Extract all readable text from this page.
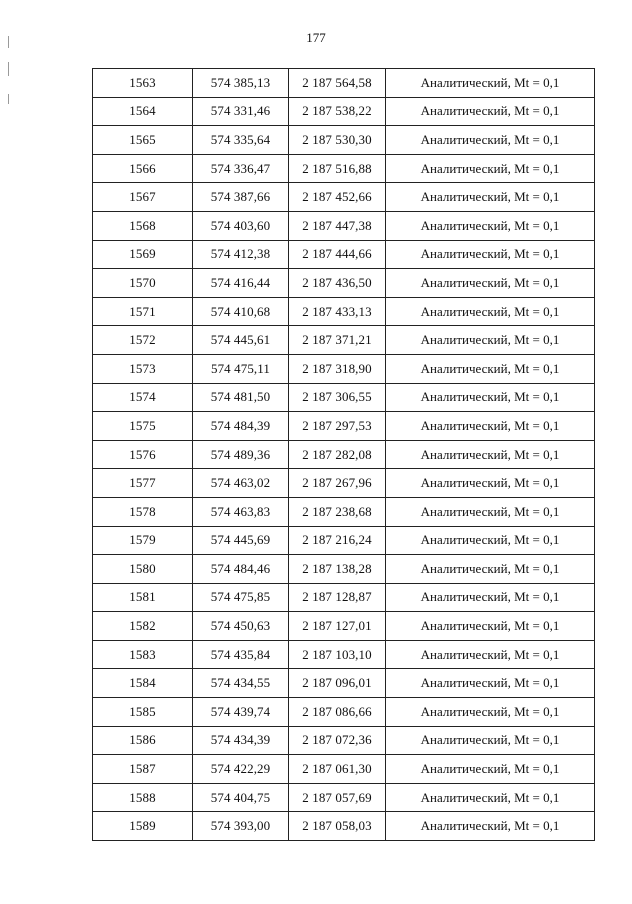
177
1563	574 385,13	2 187 564,58	Аналитический, Mt = 0,1
1564	574 331,46	2 187 538,22	Аналитический, Mt = 0,1
1565	574 335,64	2 187 530,30	Аналитический, Mt = 0,1
1566	574 336,47	2 187 516,88	Аналитический, Mt = 0,1
1567	574 387,66	2 187 452,66	Аналитический, Mt = 0,1
1568	574 403,60	2 187 447,38	Аналитический, Mt = 0,1
1569	574 412,38	2 187 444,66	Аналитический, Mt = 0,1
1570	574 416,44	2 187 436,50	Аналитический, Mt = 0,1
1571	574 410,68	2 187 433,13	Аналитический, Mt = 0,1
1572	574 445,61	2 187 371,21	Аналитический, Mt = 0,1
1573	574 475,11	2 187 318,90	Аналитический, Mt = 0,1
1574	574 481,50	2 187 306,55	Аналитический, Mt = 0,1
1575	574 484,39	2 187 297,53	Аналитический, Mt = 0,1
1576	574 489,36	2 187 282,08	Аналитический, Mt = 0,1
1577	574 463,02	2 187 267,96	Аналитический, Mt = 0,1
1578	574 463,83	2 187 238,68	Аналитический, Mt = 0,1
1579	574 445,69	2 187 216,24	Аналитический, Mt = 0,1
1580	574 484,46	2 187 138,28	Аналитический, Mt = 0,1
1581	574 475,85	2 187 128,87	Аналитический, Mt = 0,1
1582	574 450,63	2 187 127,01	Аналитический, Mt = 0,1
1583	574 435,84	2 187 103,10	Аналитический, Mt = 0,1
1584	574 434,55	2 187 096,01	Аналитический, Mt = 0,1
1585	574 439,74	2 187 086,66	Аналитический, Mt = 0,1
1586	574 434,39	2 187 072,36	Аналитический, Mt = 0,1
1587	574 422,29	2 187 061,30	Аналитический, Mt = 0,1
1588	574 404,75	2 187 057,69	Аналитический, Mt = 0,1
1589	574 393,00	2 187 058,03	Аналитический, Mt = 0,1
